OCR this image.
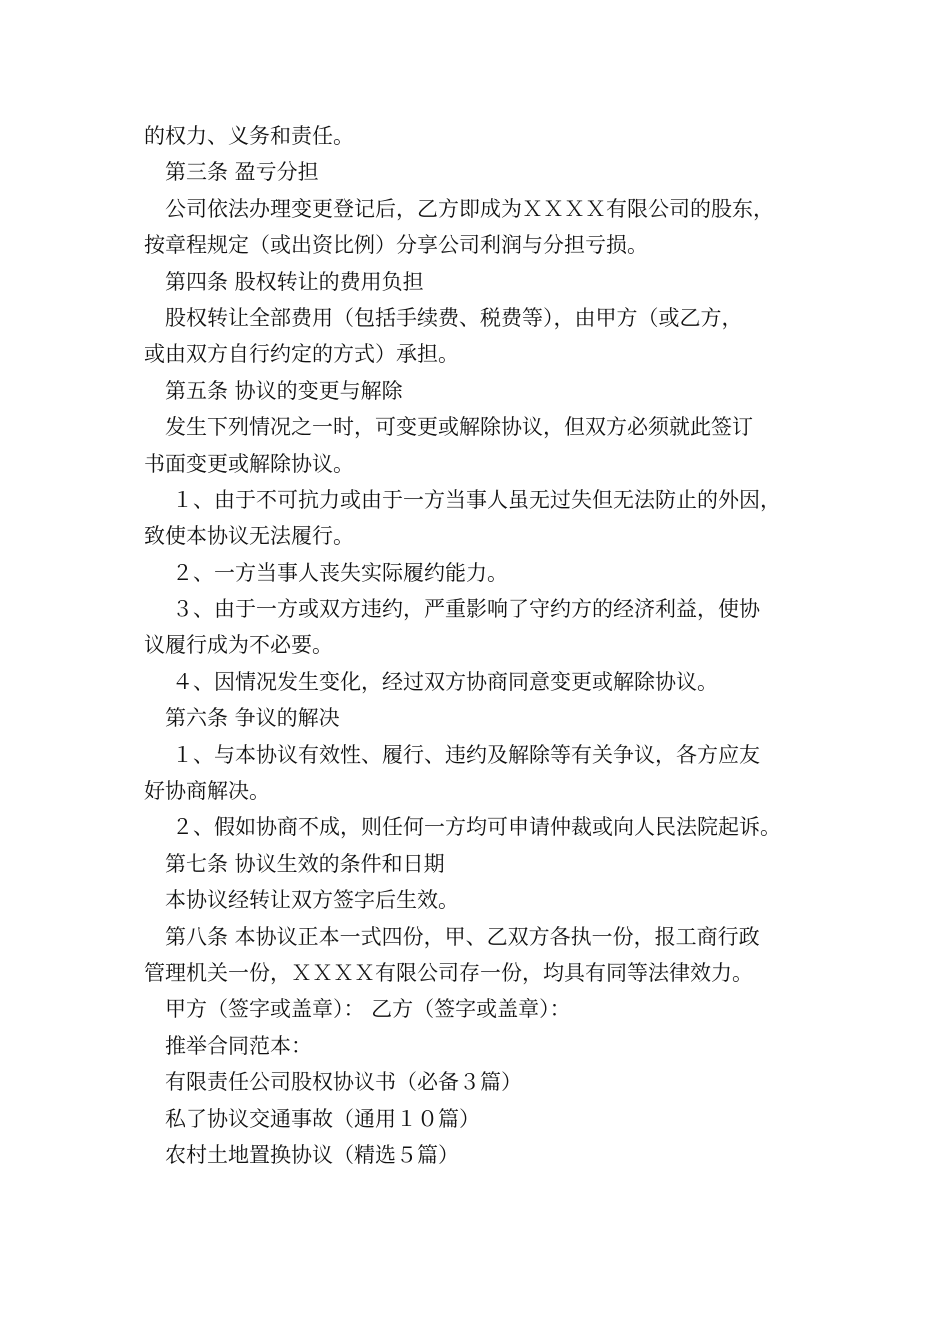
的权力、义务和责任。
第三条 盈亏分担
公司依法办理变更登记后，乙方即成为ＸＸＸＸ有限公司的股东，
按章程规定（或出资比例）分享公司利润与分担亏损。
第四条 股权转让的费用负担
股权转让全部费用（包括手续费、税费等），由甲方（或乙方，
或由双方自行约定的方式）承担。
第五条 协议的变更与解除
发生下列情况之一时，可变更或解除协议，但双方必须就此签订
书面变更或解除协议。
１、由于不可抗力或由于一方当事人虽无过失但无法防止的外因，
致使本协议无法履行。
２、一方当事人丧失实际履约能力。
３、由于一方或双方违约，严重影响了守约方的经济利益，使协
议履行成为不必要。
４、因情况发生变化，经过双方协商同意变更或解除协议。
第六条 争议的解决
１、与本协议有效性、履行、违约及解除等有关争议，各方应友
好协商解决。
２、假如协商不成，则任何一方均可申请仲裁或向人民法院起诉。
第七条 协议生效的条件和日期
本协议经转让双方签字后生效。
第八条 本协议正本一式四份，甲、乙双方各执一份，报工商行政
管理机关一份，ＸＸＸＸ有限公司存一份，均具有同等法律效力。
甲方（签字或盖章）： 乙方（签字或盖章）：
推举合同范本：
有限责任公司股权协议书（必备３篇）
私了协议交通事故（通用１０篇）
农村土地置换协议（精选５篇）
